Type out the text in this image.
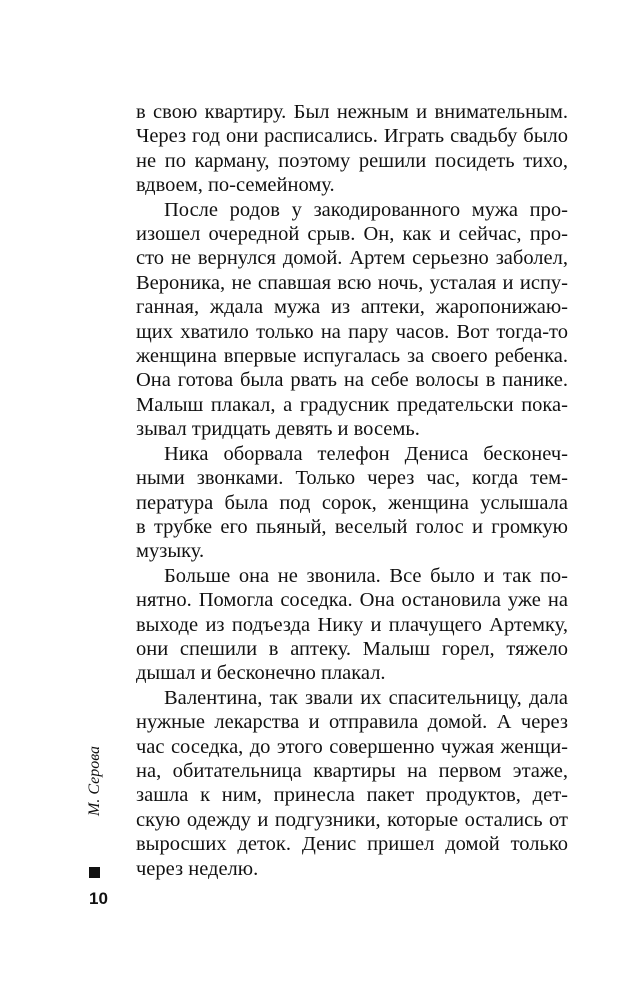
в свою квартиру. Был нежным и внимательным.
Через год они расписались. Играть свадьбу было
не по карману, поэтому решили посидеть тихо,
вдвоем, по-семейному.
После родов у закодированного мужа про-
изошел очередной срыв. Он, как и сейчас, про-
сто не вернулся домой. Артем серьезно заболел,
Вероника, не спавшая всю ночь, усталая и испу-
ганная, ждала мужа из аптеки, жаропонижаю-
щих хватило только на пару часов. Вот тогда-то
женщина впервые испугалась за своего ребенка.
Она готова была рвать на себе волосы в панике.
Малыш плакал, а градусник предательски пока-
зывал тридцать девять и восемь.
Ника оборвала телефон Дениса бесконеч-
ными звонками. Только через час, когда тем-
пература была под сорок, женщина услышала
в трубке его пьяный, веселый голос и громкую
музыку.
Больше она не звонила. Все было и так по-
нятно. Помогла соседка. Она остановила уже на
выходе из подъезда Нику и плачущего Артемку,
они спешили в аптеку. Малыш горел, тяжело
дышал и бесконечно плакал.
Валентина, так звали их спасительницу, дала
нужные лекарства и отправила домой. А через
час соседка, до этого совершенно чужая женщи-
на, обитательница квартиры на первом этаже,
зашла к ним, принесла пакет продуктов, дет-
скую одежду и подгузники, которые остались от
выросших деток. Денис пришел домой только
через неделю.
М. Серова
10
